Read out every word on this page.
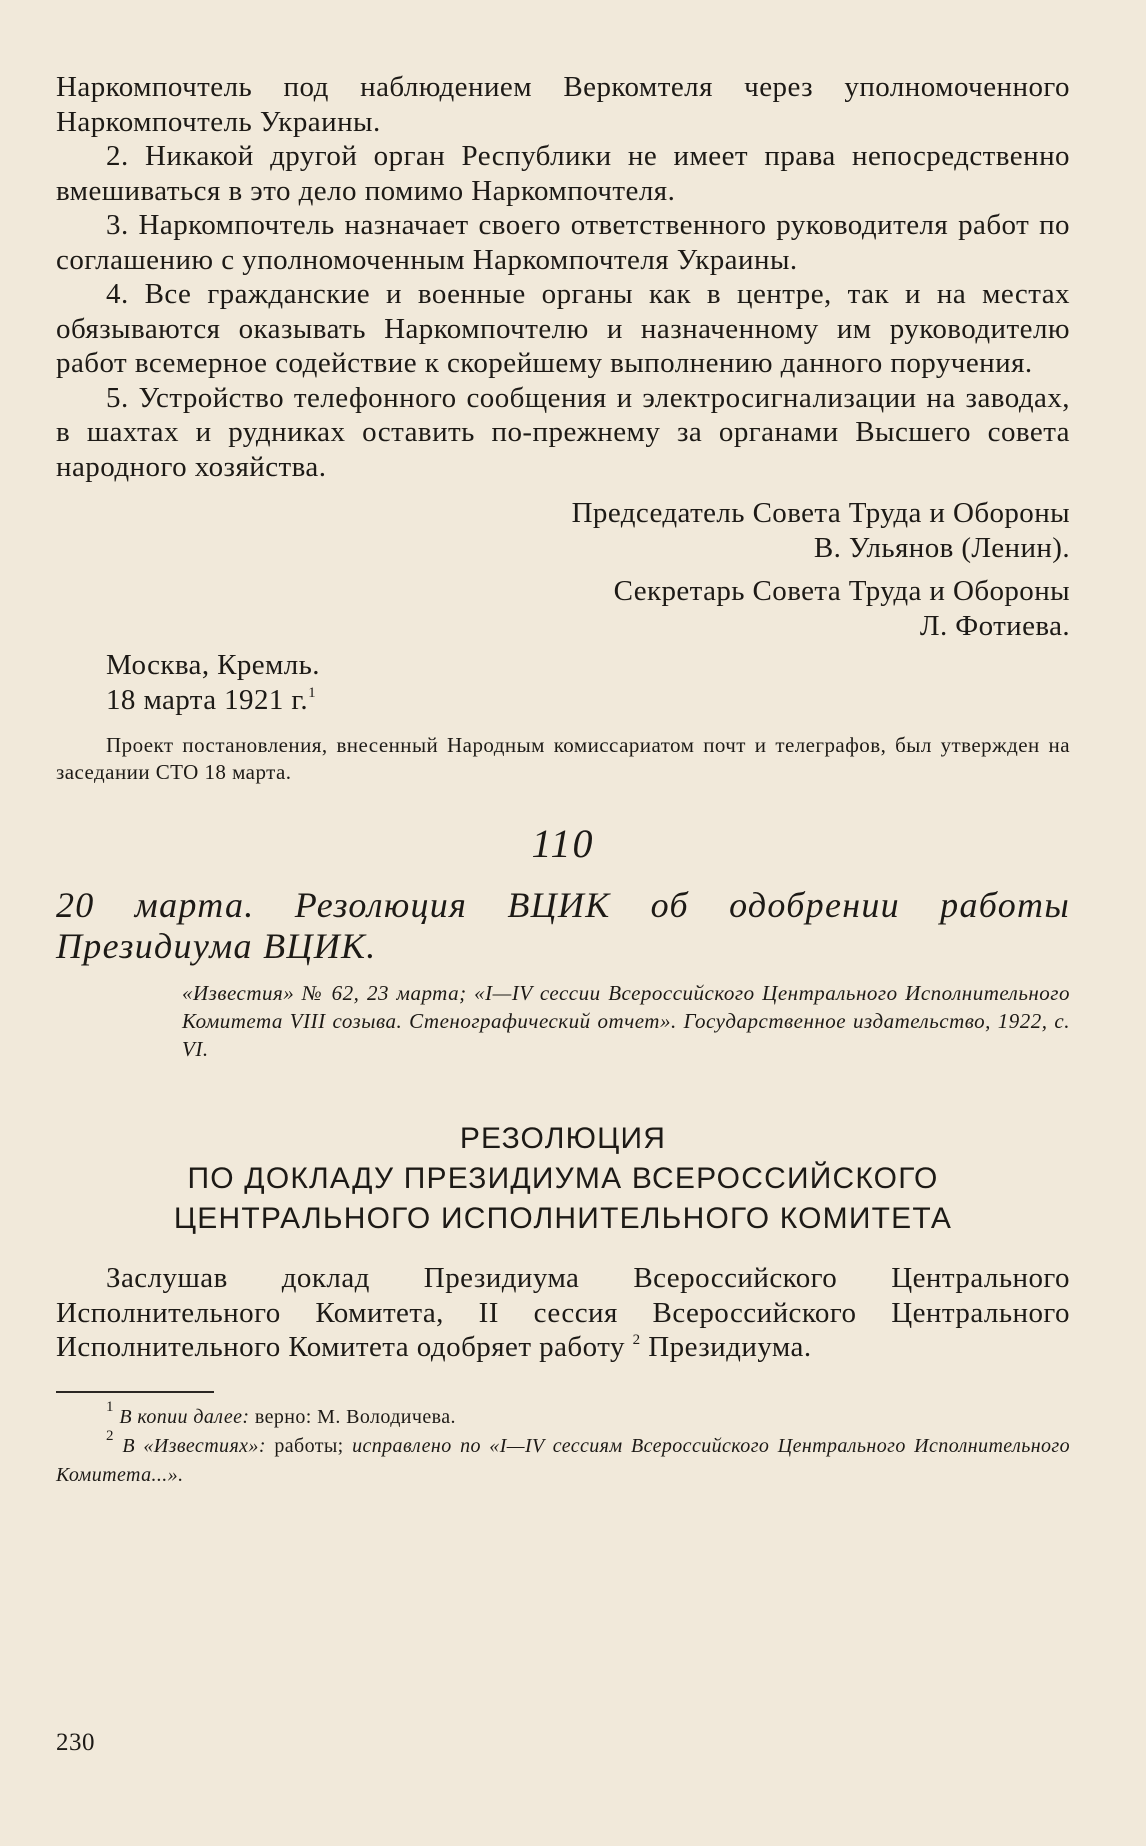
Наркомпочтель под наблюдением Веркомтеля через уполномоченного Наркомпочтель Украины.

2. Никакой другой орган Республики не имеет права непосредственно вмешиваться в это дело помимо Наркомпочтеля.

3. Наркомпочтель назначает своего ответственного руководителя работ по соглашению с уполномоченным Наркомпочтеля Украины.

4. Все гражданские и военные органы как в центре, так и на местах обязываются оказывать Наркомпочтелю и назначенному им руководителю работ всемерное содействие к скорейшему выполнению данного поручения.

5. Устройство телефонного сообщения и электросигнализации на заводах, в шахтах и рудниках оставить по-прежнему за органами Высшего совета народного хозяйства.

Председатель Совета Труда и Обороны
В. Ульянов (Ленин).
Секретарь Совета Труда и Обороны
Л. Фотиева.
Москва, Кремль.
18 марта 1921 г.$^1$

Проект постановления, внесенный Народным комиссариатом почт и телеграфов, был утвержден на заседании СТО 18 марта.

110
20 марта. Резолюция ВЦИК об одобрении работы Президиума ВЦИК.
«Известия» № 62, 23 марта; «I—IV сессии Всероссийского Центрального Исполнительного Комитета VIII созыва. Стенографический отчет». Государственное издательство, 1922, с. VI.
РЕЗОЛЮЦИЯ
ПО ДОКЛАДУ ПРЕЗИДИУМА ВСЕРОССИЙСКОГО
ЦЕНТРАЛЬНОГО ИСПОЛНИТЕЛЬНОГО КОМИТЕТА

Заслушав доклад Президиума Всероссийского Центрального Исполнительного Комитета, II сессия Всероссийского Центрального Исполнительного Комитета одобряет работу $^2$ Президиума.

$^1$ В копии далее: верно: М. Володичева.

$^2$ В «Известиях»: работы; исправлено по «I—IV сессиям Всероссийского Центрального Исполнительного Комитета...».

230
